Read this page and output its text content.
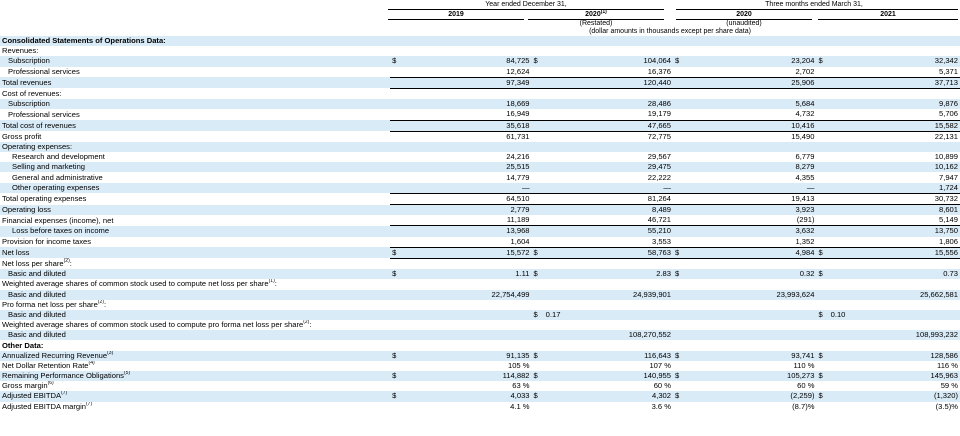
Year ended December 31,	Three months ended March 31,
2019	2020$^{(1)}$	2020	2021
(Restated)	(unaudited)
(dollar amounts in thousands except per share data)
Consolidated Statements of Operations Data:								
Revenues:								
Subscription	$	84,725	$	104,064	$	23,204	$	32,342
Professional services		12,624		16,376		2,702		5,371
Total revenues		97,349		120,440		25,906		37,713
Cost of revenues:								
Subscription		18,669		28,486		5,684		9,876
Professional services		16,949		19,179		4,732		5,706
Total cost of revenues		35,618		47,665		10,416		15,582
Gross profit		61,731		72,775		15,490		22,131
Operating expenses:								
Research and development		24,216		29,567		6,779		10,899
Selling and marketing		25,515		29,475		8,279		10,162
General and administrative		14,779		22,222		4,355		7,947
Other operating expenses		—		—		—		1,724
Total operating expenses		64,510		81,264		19,413		30,732
Operating loss		2,779		8,489		3,923		8,601
Financial expenses (income), net		11,189		46,721		(291)		5,149
Loss before taxes on income		13,968		55,210		3,632		13,750
Provision for income taxes		1,604		3,553		1,352		1,806
Net loss	$	15,572	$	58,763	$	4,984	$	15,556
Net loss per share$^{(2)}$:								
Basic and diluted	$	1.11	$	2.83	$	0.32	$	0.73
Weighted average shares of common stock used to compute net loss per share$^{(1)}$:								
Basic and diluted		22,754,499		24,939,901		23,993,624		25,662,581
Pro forma net loss per share$^{(2)}$:								
Basic and diluted			$	0.17			$	0.10
Weighted average shares of common stock used to compute pro forma net loss per share$^{(2)}$:								
Basic and diluted				108,270,552				108,993,232
Other Data:								
Annualized Recurring Revenue$^{(3)}$	$	91,135	$	116,643	$	93,741	$	128,586
Net Dollar Retention Rate$^{(4)}$		105 %		107 %		110 %		116 %
Remaining Performance Obligations$^{(5)}$	$	114,882	$	140,955	$	105,273	$	145,963
Gross margin$^{(6)}$		63 %		60 %		60 %		59 %
Adjusted EBITDA$^{(7)}$	$	4,033	$	4,302	$	(2,259)	$	(1,320)
Adjusted EBITDA margin$^{(7)}$		4.1 %		3.6 %		(8.7)%		(3.5)%
